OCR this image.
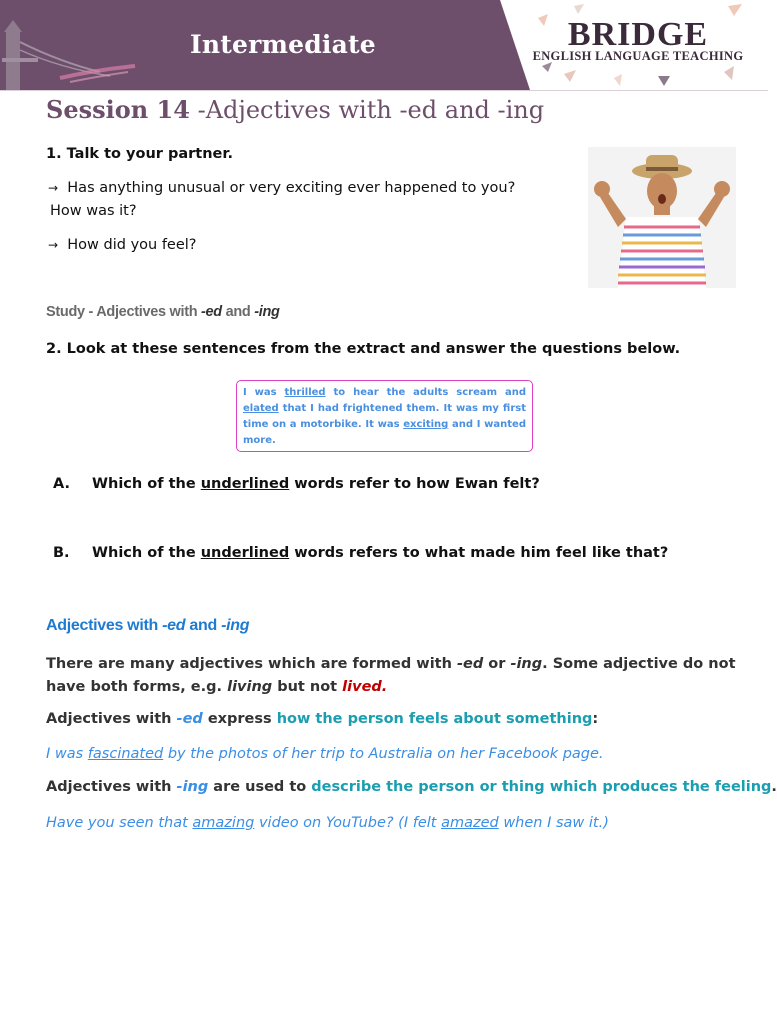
Intermediate	BRIDGE
ENGLISH LANGUAGE TEACHING
Session 14 -Adjectives with -ed and -ing
1. Talk to your partner.
→ Has anything unusual or very exciting ever happened to you?
How was it?
→ How did you feel?
Study - Adjectives with -ed and -ing
2. Look at these sentences from the extract and answer the questions below.
I was thrilled to hear the adults scream and elated that I had frightened them. It was my first time on a motorbike. It was exciting and I wanted more.
A. Which of the underlined words refer to how Ewan felt?
B. Which of the underlined words refers to what made him feel like that?
Adjectives with -ed and -ing
There are many adjectives which are formed with -ed or -ing. Some adjective do not have both forms, e.g. living but not lived.
Adjectives with -ed express how the person feels about something:
I was fascinated by the photos of her trip to Australia on her Facebook page.
Adjectives with -ing are used to describe the person or thing which produces the feeling.
Have you seen that amazing video on YouTube? (I felt amazed when I saw it.)
